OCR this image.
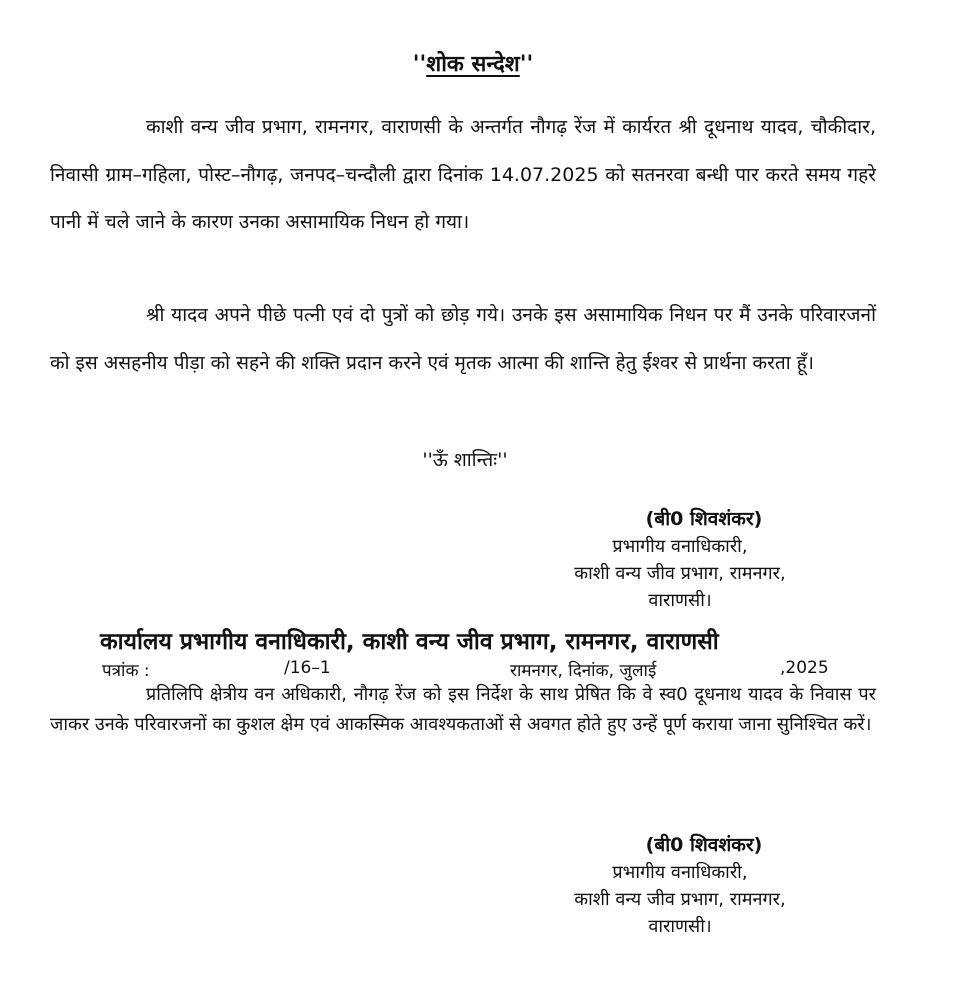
''शोक सन्देश''
काशी वन्य जीव प्रभाग, रामनगर, वाराणसी के अन्तर्गत नौगढ़ रेंज में कार्यरत श्री दूधनाथ यादव, चौकीदार, निवासी ग्राम–गहिला, पोस्ट–नौगढ़, जनपद–चन्दौली द्वारा दिनांक 14.07.2025 को सतनरवा बन्धी पार करते समय गहरे पानी में चले जाने के कारण उनका असामायिक निधन हो गया।
श्री यादव अपने पीछे पत्नी एवं दो पुत्रों को छोड़ गये। उनके इस असामायिक निधन पर मैं उनके परिवारजनों को इस असहनीय पीड़ा को सहने की शक्ति प्रदान करने एवं मृतक आत्मा की शान्ति हेतु ईश्वर से प्रार्थना करता हूँ।
''ऊँ शान्तिः''
(बी0 शिवशंकर)
प्रभागीय वनाधिकारी,
काशी वन्य जीव प्रभाग, रामनगर,
वाराणसी।
कार्यालय प्रभागीय वनाधिकारी, काशी वन्य जीव प्रभाग, रामनगर, वाराणसी
पत्रांक :	/16–1	रामनगर, दिनांक, जुलाई	,2025
प्रतिलिपि क्षेत्रीय वन अधिकारी, नौगढ़ रेंज को इस निर्देश के साथ प्रेषित कि वे स्व0 दूधनाथ यादव के निवास पर जाकर उनके परिवारजनों का कुशल क्षेम एवं आकस्मिक आवश्यकताओं से अवगत होते हुए उन्हें पूर्ण कराया जाना सुनिश्चित करें।
(बी0 शिवशंकर)
प्रभागीय वनाधिकारी,
काशी वन्य जीव प्रभाग, रामनगर,
वाराणसी।
